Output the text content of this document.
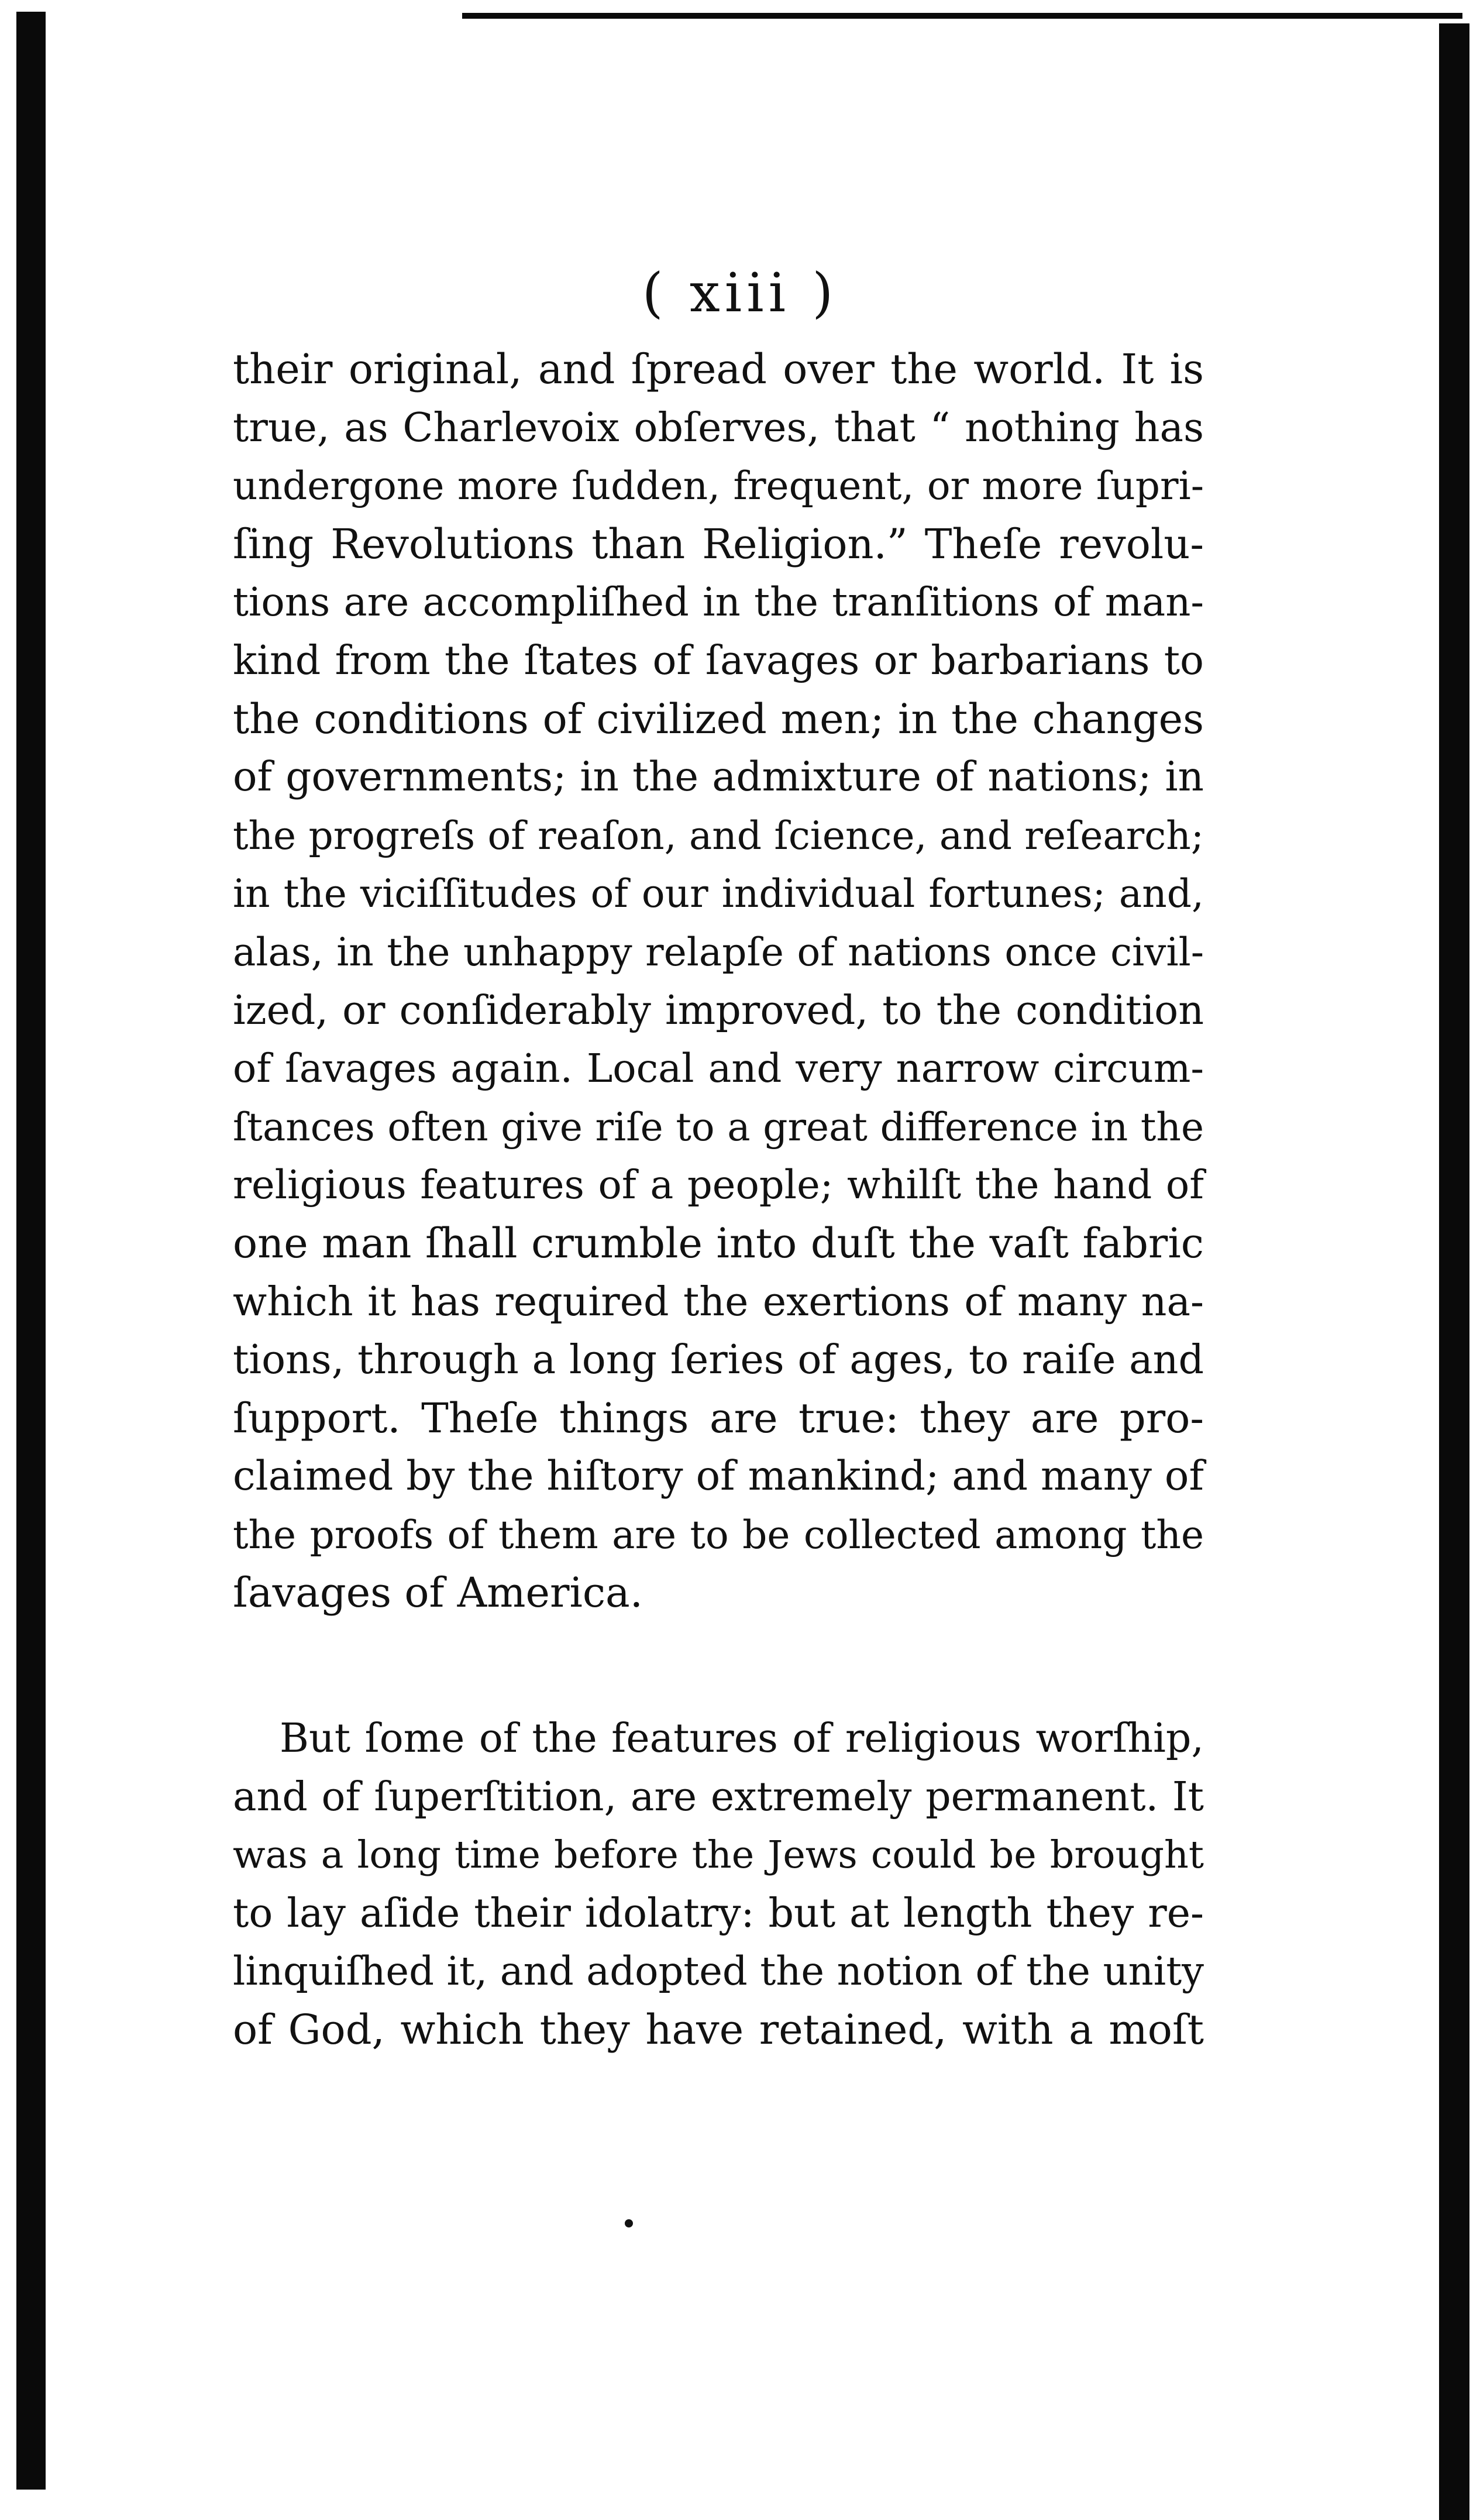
( xiii )
their original, and ſpread over the world. It is
true, as Charlevoix obſerves, that “ nothing has
undergone more ſudden, frequent, or more ſupri-
ſing Revolutions than Religion.” Theſe revolu-
tions are accompliſhed in the tranſitions of man-
kind from the ſtates of ſavages or barbarians to
the conditions of civilized men; in the changes
of governments; in the admixture of nations; in
the progreſs of reaſon, and ſcience, and reſearch;
in the viciſſitudes of our individual fortunes; and,
alas, in the unhappy relapſe of nations once civil-
ized, or conſiderably improved, to the condition
of ſavages again. Local and very narrow circum-
ſtances often give riſe to a great difference in the
religious features of a people; whilſt the hand of
one man ſhall crumble into duſt the vaſt fabric
which it has required the exertions of many na-
tions, through a long ſeries of ages, to raiſe and
ſupport. Theſe things are true: they are pro-
claimed by the hiſtory of mankind; and many of
the proofs of them are to be collected among the
ſavages of America.
But ſome of the features of religious worſhip,
and of ſuperſtition, are extremely permanent. It
was a long time before the Jews could be brought
to lay aſide their idolatry: but at length they re-
linquiſhed it, and adopted the notion of the unity
of God, which they have retained, with a moſt
